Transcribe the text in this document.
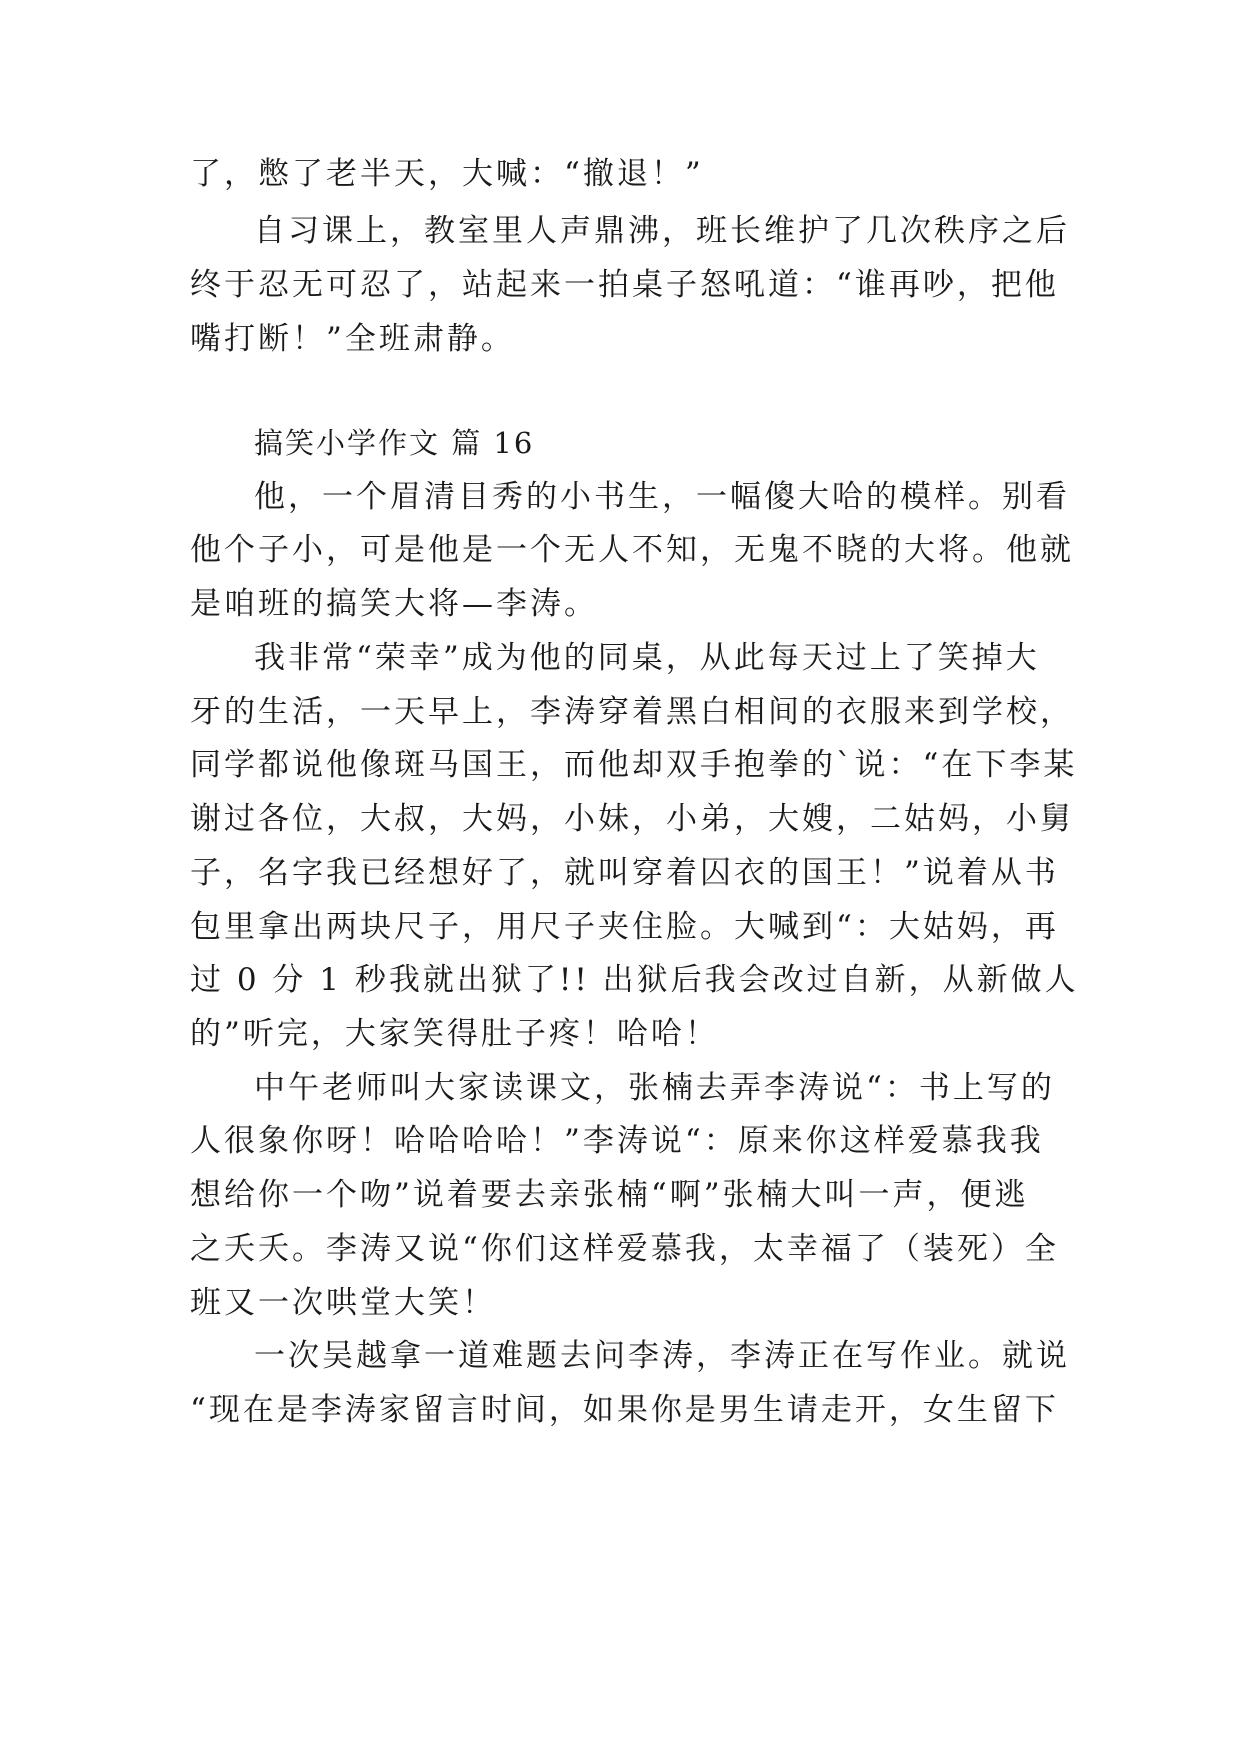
了，憋了老半天，大喊：“撤退！”
自习课上，教室里人声鼎沸，班长维护了几次秩序之后
终于忍无可忍了，站起来一拍桌子怒吼道：“谁再吵，把他
嘴打断！”全班肃静。
搞笑小学作文 篇 16
他，一个眉清目秀的小书生，一幅傻大哈的模样。别看
他个子小，可是他是一个无人不知，无鬼不晓的大将。他就
是咱班的搞笑大将—李涛。
我非常“荣幸”成为他的同桌，从此每天过上了笑掉大
牙的生活，一天早上，李涛穿着黑白相间的衣服来到学校，
同学都说他像斑马国王，而他却双手抱拳的`说：“在下李某
谢过各位，大叔，大妈，小妹，小弟，大嫂，二姑妈，小舅
子，名字我已经想好了，就叫穿着囚衣的国王！”说着从书
包里拿出两块尺子，用尺子夹住脸。大喊到“：大姑妈，再
过 0 分 1 秒我就出狱了!! 出狱后我会改过自新，从新做人
的”听完，大家笑得肚子疼！哈哈！
中午老师叫大家读课文，张楠去弄李涛说“：书上写的
人很象你呀！哈哈哈哈！”李涛说“：原来你这样爱慕我我
想给你一个吻”说着要去亲张楠“啊”张楠大叫一声，便逃
之夭夭。李涛又说“你们这样爱慕我，太幸福了（装死）全
班又一次哄堂大笑！
一次吴越拿一道难题去问李涛，李涛正在写作业。就说
“现在是李涛家留言时间，如果你是男生请走开，女生留下
